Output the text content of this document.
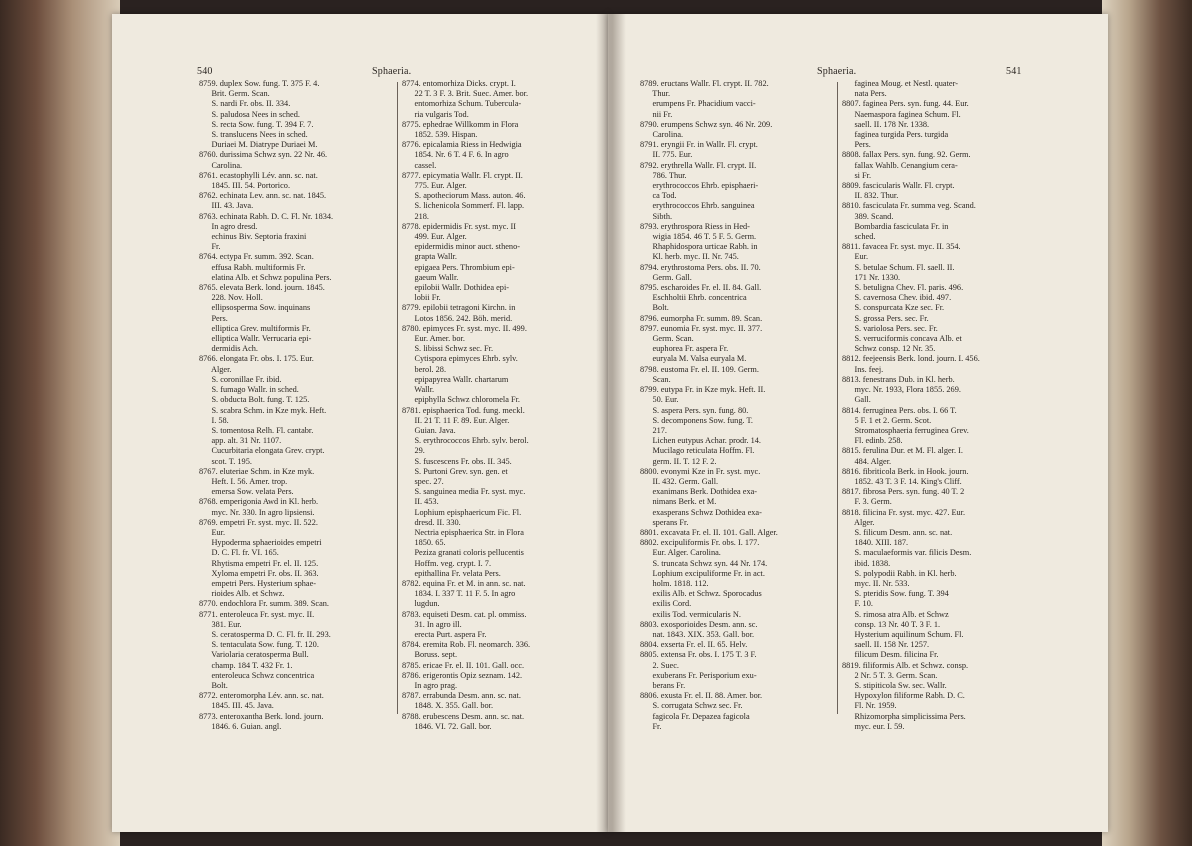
540	Sphaeria.	Sphaeria.	541
8759. duplex Sow. fung. T. 375 F. 4.
Brit. Germ. Scan.
S. nardi Fr. obs. II. 334.
S. paludosa Nees in sched.
S. recta Sow. fung. T. 394 F. 7.
S. translucens Nees in sched.
Duriaei M. Diatrype Duriaei M.
8760. durissima Schwz syn. 22 Nr. 46.
Carolina.
8761. ecastophylli Lév. ann. sc. nat.
1845. III. 54. Portorico.
8762. echinata Lev. ann. sc. nat. 1845.
III. 43. Java.
8763. echinata Rabh. D. C. Fl. Nr. 1834.
In agro dresd.
echinus Biv. Septoria fraxini
Fr.
8764. ectypa Fr. summ. 392. Scan.
effusa Rabh. multiformis Fr.
elatina Alb. et Schwz populina Pers.
8765. elevata Berk. lond. journ. 1845.
228. Nov. Holl.
ellipsosperma Sow. inquinans
Pers.
elliptica Grev. multiformis Fr.
elliptica Wallr. Verrucaria epi-
dermidis Ach.
8766. elongata Fr. obs. I. 175. Eur.
Alger.
S. coronillae Fr. ibid.
S. fumago Wallr. in sched.
S. obducta Bolt. fung. T. 125.
S. scabra Schm. in Kze myk. Heft.
I. 58.
S. tomentosa Relh. Fl. cantabr.
app. alt. 31 Nr. 1107.
Cucurbitaria elongata Grev. crypt.
scot. T. 195.
8767. eluteriae Schm. in Kze myk.
Heft. I. 56. Amer. trop.
emersa Sow. velata Pers.
8768. emperigonia Awd in Kl. herb.
myc. Nr. 330. In agro lipsiensi.
8769. empetri Fr. syst. myc. II. 522.
Eur.
Hypoderma sphaerioides empetri
D. C. Fl. fr. VI. 165.
Rhytisma empetri Fr. el. II. 125.
Xyloma empetri Fr. obs. II. 363.
empetri Pers. Hysterium sphae-
rioides Alb. et Schwz.
8770. endochlora Fr. summ. 389. Scan.
8771. enteroleuca Fr. syst. myc. II.
381. Eur.
S. ceratosperma D. C. Fl. fr. II. 293.
S. tentaculata Sow. fung. T. 120.
Variolaria ceratosperma Bull.
champ. 184 T. 432 Fr. 1.
enteroleuca Schwz concentrica
Bolt.
8772. enteromorpha Lév. ann. sc. nat.
1845. III. 45. Java.
8773. enteroxantha Berk. lond. journ.
1846. 6. Guian. angl.
8774. entomorhiza Dicks. crypt. I.
22 T. 3 F. 3. Brit. Suec. Amer. bor.
entomorhiza Schum. Tubercula-
ria vulgaris Tod.
8775. ephedrae Willkomm in Flora
1852. 539. Hispan.
8776. epicalamia Riess in Hedwigia
1854. Nr. 6 T. 4 F. 6. In agro
cassel.
8777. epicymatia Wallr. Fl. crypt. II.
775. Eur. Alger.
S. apotheciorum Mass. auton. 46.
S. lichenicola Sommerf. Fl. lapp.
218.
8778. epidermidis Fr. syst. myc. II
499. Eur. Alger.
epidermidis minor auct. stheno-
grapta Wallr.
epigaea Pers. Thrombium epi-
gaeum Wallr.
epilobii Wallr. Dothidea epi-
lobii Fr.
8779. epilobii tetragoni Kirchn. in
Lotos 1856. 242. Böh. merid.
8780. epimyces Fr. syst. myc. II. 499.
Eur. Amer. bor.
S. libissi Schwz sec. Fr.
Cytispora epimyces Ehrb. sylv.
berol. 28.
epipapyrea Wallr. chartarum
Wallr.
epiphylla Schwz chloromela Fr.
8781. episphaerica Tod. fung. meckl.
II. 21 T. 11 F. 89. Eur. Alger.
Guian. Java.
S. erythrococcos Ehrb. sylv. berol.
29.
S. fuscescens Fr. obs. II. 345.
S. Purtoni Grev. syn. gen. et
spec. 27.
S. sanguinea media Fr. syst. myc.
II. 453.
Lophium episphaericum Fic. Fl.
dresd. II. 330.
Nectria episphaerica Str. in Flora
1850. 65.
Peziza granati coloris pellucentis
Hoffm. veg. crypt. I. 7.
epithallina Fr. velata Pers.
8782. equina Fr. et M. in ann. sc. nat.
1834. I. 337 T. 11 F. 5. In agro
lugdun.
8783. equiseti Desm. cat. pl. ommiss.
31. In agro ill.
erecta Purt. aspera Fr.
8784. eremita Rob. Fl. neomarch. 336.
Boruss. sept.
8785. ericae Fr. el. II. 101. Gall. occ.
8786. erigerontis Opiz seznam. 142.
In agro prag.
8787. errabunda Desm. ann. sc. nat.
1848. X. 355. Gall. bor.
8788. erubescens Desm. ann. sc. nat.
1846. VI. 72. Gall. bor.
8789. eructans Wallr. Fl. crypt. II. 782.
Thur.
erumpens Fr. Phacidium vacci-
nii Fr.
8790. erumpens Schwz syn. 46 Nr. 209.
Carolina.
8791. eryngii Fr. in Wallr. Fl. crypt.
II. 775. Eur.
8792. erythrella Wallr. Fl. crypt. II.
786. Thur.
erythrococcos Ehrb. episphaeri-
ca Tod.
erythrococcos Ehrb. sanguinea
Sibth.
8793. erythrospora Riess in Hed-
wigia 1854. 46 T. 5 F. 5. Germ.
Rhaphidospora urticae Rabh. in
Kl. herb. myc. II. Nr. 745.
8794. erythrostoma Pers. obs. II. 70.
Germ. Gall.
8795. escharoides Fr. el. II. 84. Gall.
Eschholtii Ehrb. concentrica
Bolt.
8796. eumorpha Fr. summ. 89. Scan.
8797. eunomia Fr. syst. myc. II. 377.
Germ. Scan.
euphorea Fr. aspera Fr.
euryala M. Valsa euryala M.
8798. eustoma Fr. el. II. 109. Germ.
Scan.
8799. eutypa Fr. in Kze myk. Heft. II.
50. Eur.
S. aspera Pers. syn. fung. 80.
S. decomponens Sow. fung. T.
217.
Lichen eutypus Achar. prodr. 14.
Mucilago reticulata Hoffm. Fl.
germ. II. T. 12 F. 2.
8800. evonymi Kze in Fr. syst. myc.
II. 432. Germ. Gall.
exanimans Berk. Dothidea exa-
nimans Berk. et M.
exasperans Schwz Dothidea exa-
sperans Fr.
8801. excavata Fr. el. II. 101. Gall. Alger.
8802. excipuliformis Fr. obs. I. 177.
Eur. Alger. Carolina.
S. truncata Schwz syn. 44 Nr. 174.
Lophium excipuliforme Fr. in act.
holm. 1818. 112.
exilis Alb. et Schwz. Sporocadus
exilis Cord.
exilis Tod. vermicularis N.
8803. exosporioides Desm. ann. sc.
nat. 1843. XIX. 353. Gall. bor.
8804. exserta Fr. el. II. 65. Helv.
8805. extensa Fr. obs. I. 175 T. 3 F.
2. Suec.
exuberans Fr. Perisporium exu-
berans Fr.
8806. exusta Fr. el. II. 88. Amer. bor.
S. corrugata Schwz sec. Fr.
fagicola Fr. Depazea fagicola
Fr.
faginea Moug. et Nestl. quater-
nata Pers.
8807. faginea Pers. syn. fung. 44. Eur.
Naemaspora faginea Schum. Fl.
saell. II. 178 Nr. 1338.
faginea turgida Pers. turgida
Pers.
8808. fallax Pers. syn. fung. 92. Germ.
fallax Wahlb. Cenangium cera-
si Fr.
8809. fascicularis Wallr. Fl. crypt.
II. 832. Thur.
8810. fasciculata Fr. summa veg. Scand.
389. Scand.
Bombardia fasciculata Fr. in
sched.
8811. favacea Fr. syst. myc. II. 354.
Eur.
S. betulae Schum. Fl. saell. II.
171 Nr. 1330.
S. betuligna Chev. Fl. paris. 496.
S. cavernosa Chev. ibid. 497.
S. conspurcata Kze sec. Fr.
S. grossa Pers. sec. Fr.
S. variolosa Pers. sec. Fr.
S. verruciformis concava Alb. et
Schwz consp. 12 Nr. 35.
8812. feejeensis Berk. lond. journ. I. 456.
Ins. feej.
8813. fenestrans Dub. in Kl. herb.
myc. Nr. 1933, Flora 1855. 269.
Gall.
8814. ferruginea Pers. obs. I. 66 T.
5 F. 1 et 2. Germ. Scot.
Stromatosphaeria ferruginea Grev.
Fl. edinb. 258.
8815. ferulina Dur. et M. Fl. alger. I.
484. Alger.
8816. fibriticola Berk. in Hook. journ.
1852. 43 T. 3 F. 14. King's Cliff.
8817. fibrosa Pers. syn. fung. 40 T. 2
F. 3. Germ.
8818. filicina Fr. syst. myc. 427. Eur.
Alger.
S. filicum Desm. ann. sc. nat.
1840. XIII. 187.
S. maculaeformis var. filicis Desm.
ibid. 1838.
S. polypodii Rabh. in Kl. herb.
myc. II. Nr. 533.
S. pteridis Sow. fung. T. 394
F. 10.
S. rimosa atra Alb. et Schwz
consp. 13 Nr. 40 T. 3 F. 1.
Hysterium aquilinum Schum. Fl.
saell. II. 158 Nr. 1257.
filicum Desm. filicina Fr.
8819. filiformis Alb. et Schwz. consp.
2 Nr. 5 T. 3. Germ. Scan.
S. stipiticola Sw. sec. Wallr.
Hypoxylon filiforme Rabh. D. C.
Fl. Nr. 1959.
Rhizomorpha simplicissima Pers.
myc. eur. I. 59.
